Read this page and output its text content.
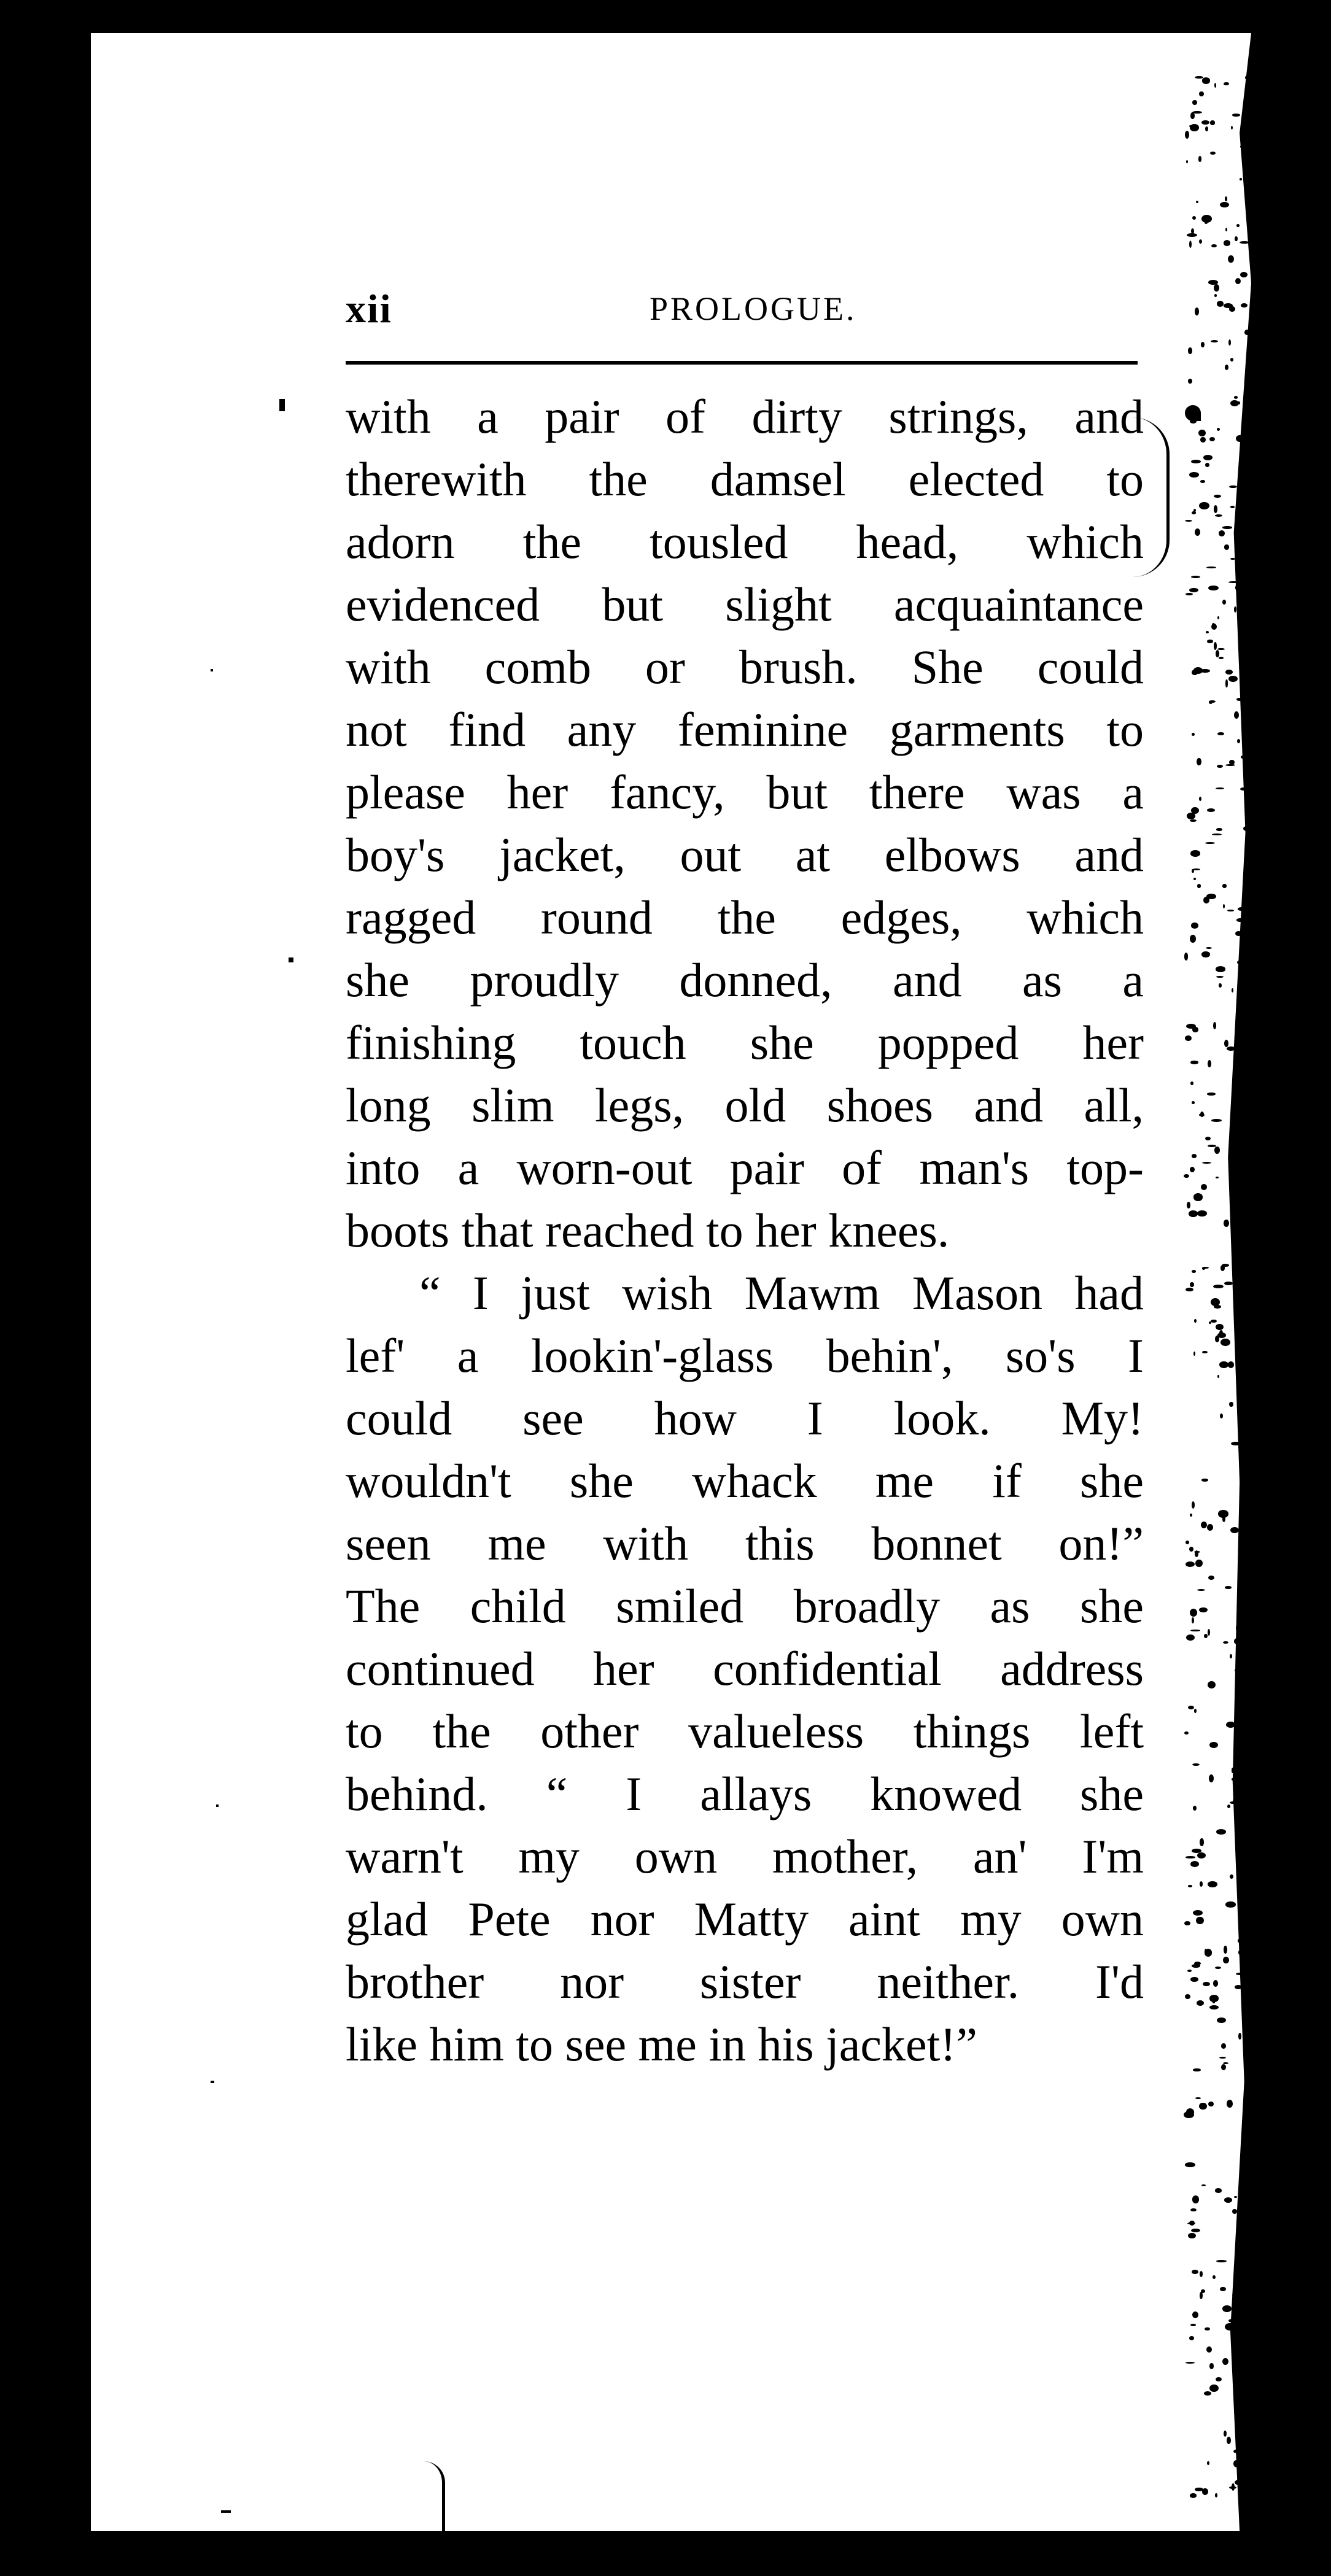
xii	PROLOGUE.
with a pair of dirty strings, and
therewith the damsel elected to
adorn the tousled head, which
evidenced but slight acquaintance
with comb or brush. She could
not find any feminine garments to
please her fancy, but there was a
boy's jacket, out at elbows and
ragged round the edges, which
she proudly donned, and as a
finishing touch she popped her
long slim legs, old shoes and all,
into a worn-out pair of man's top-
boots that reached to her knees.
“ I just wish Mawm Mason had
lef' a lookin'-glass behin', so's I
could see how I look. My!
wouldn't she whack me if she
seen me with this bonnet on!”
The child smiled broadly as she
continued her confidential address
to the other valueless things left
behind. “ I allays knowed she
warn't my own mother, an' I'm
glad Pete nor Matty aint my own
brother nor sister neither. I'd
like him to see me in his jacket!”
